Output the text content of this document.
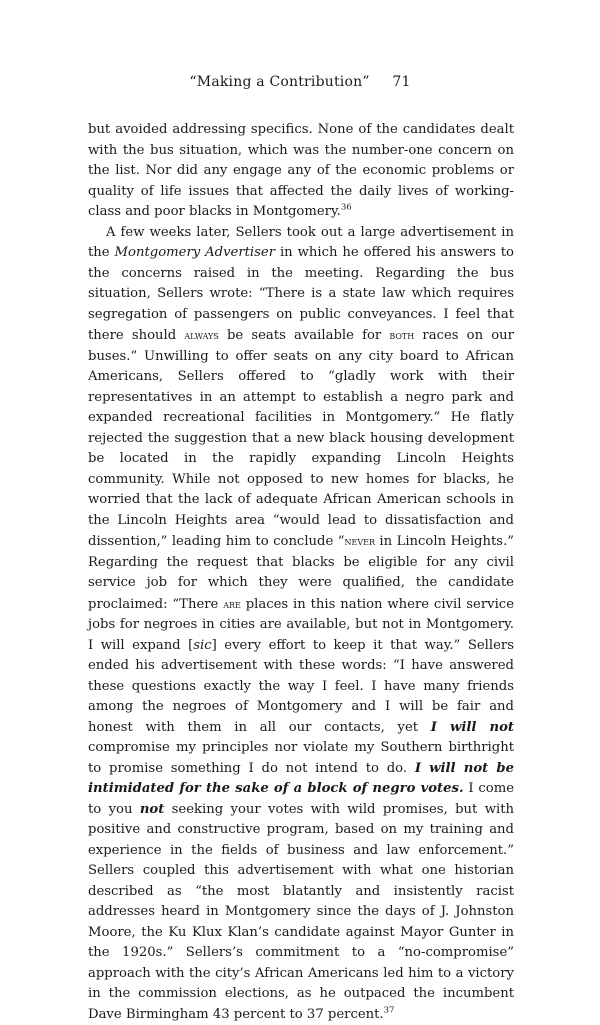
“Making a Contribution” 71

but avoided addressing specifics. None of the candidates dealt with the bus situation, which was the number-one concern on the list. Nor did any engage any of the economic problems or quality of life issues that affected the daily lives of working-class and poor blacks in Montgomery.$^{36}$

A few weeks later, Sellers took out a large advertisement in the Montgomery Advertiser in which he offered his answers to the concerns raised in the meeting. Regarding the bus situation, Sellers wrote: “There is a state law which requires segregation of passengers on public conveyances. I feel that there should always be seats available for both races on our buses.” Unwilling to offer seats on any city board to African Americans, Sellers offered to “gladly work with their representatives in an attempt to establish a negro park and expanded recreational facilities in Montgomery.” He flatly rejected the suggestion that a new black housing development be located in the rapidly expanding Lincoln Heights community. While not opposed to new homes for blacks, he worried that the lack of adequate African American schools in the Lincoln Heights area “would lead to dissatisfaction and dissention,” leading him to conclude “never in Lincoln Heights.” Regarding the request that blacks be eligible for any civil service job for which they were qualified, the candidate proclaimed: “There are places in this nation where civil service jobs for negroes in cities are available, but not in Montgomery. I will expand [sic] every effort to keep it that way.” Sellers ended his advertisement with these words: “I have answered these questions exactly the way I feel. I have many friends among the negroes of Montgomery and I will be fair and honest with them in all our contacts, yet I will not compromise my principles nor violate my Southern birthright to promise something I do not intend to do. I will not be intimidated for the sake of a block of negro votes. I come to you not seeking your votes with wild promises, but with positive and constructive program, based on my training and experience in the fields of business and law enforcement.” Sellers coupled this advertisement with what one historian described as “the most blatantly and insistently racist addresses heard in Montgomery since the days of J. Johnston Moore, the Ku Klux Klan’s candidate against Mayor Gunter in the 1920s.” Sellers’s commitment to a “no-compromise” approach with the city’s African Americans led him to a victory in the commission elections, as he outpaced the incumbent Dave Birmingham 43 percent to 37 percent.$^{37}$
